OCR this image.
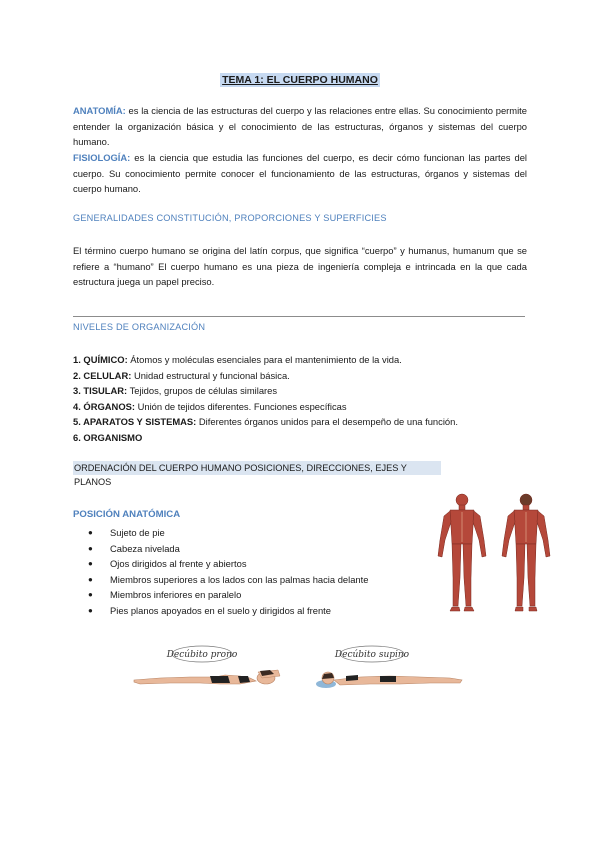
TEMA 1: EL CUERPO HUMANO
ANATOMÍA: es la ciencia de las estructuras del cuerpo y las relaciones entre ellas. Su conocimiento permite entender la organización básica y el conocimiento de las estructuras, órganos y sistemas del cuerpo humano.
FISIOLOGÍA: es la ciencia que estudia las funciones del cuerpo, es decir cómo funcionan las partes del cuerpo. Su conocimiento permite conocer el funcionamiento de las estructuras, órganos y sistemas del cuerpo humano.
GENERALIDADES CONSTITUCIÓN, PROPORCIONES Y SUPERFICIES
El término cuerpo humano se origina del latín corpus, que significa “cuerpo” y humanus, humanum que se refiere a “humano” El cuerpo humano es una pieza de ingeniería compleja e intrincada en la que cada estructura juega un papel preciso.
NIVELES DE ORGANIZACIÓN
1. QUÍMICO: Átomos y moléculas esenciales para el mantenimiento de la vida.
2. CELULAR: Unidad estructural y funcional básica.
3. TISULAR: Tejidos, grupos de células similares
4. ÓRGANOS: Unión de tejidos diferentes. Funciones específicas
5. APARATOS Y SISTEMAS: Diferentes órganos unidos para el desempeño de una función.
6. ORGANISMO
ORDENACIÓN DEL CUERPO HUMANO POSICIONES, DIRECCIONES, EJES Y PLANOS
POSICIÓN ANATÓMICA
●	Sujeto de pie
●	Cabeza nivelada
●	Ojos dirigidos al frente y abiertos
●	Miembros superiores a los lados con las palmas hacia delante
●	Miembros inferiores en paralelo
●	Pies planos apoyados en el suelo y dirigidos al frente
Decúbito prono	Decúbito supino
